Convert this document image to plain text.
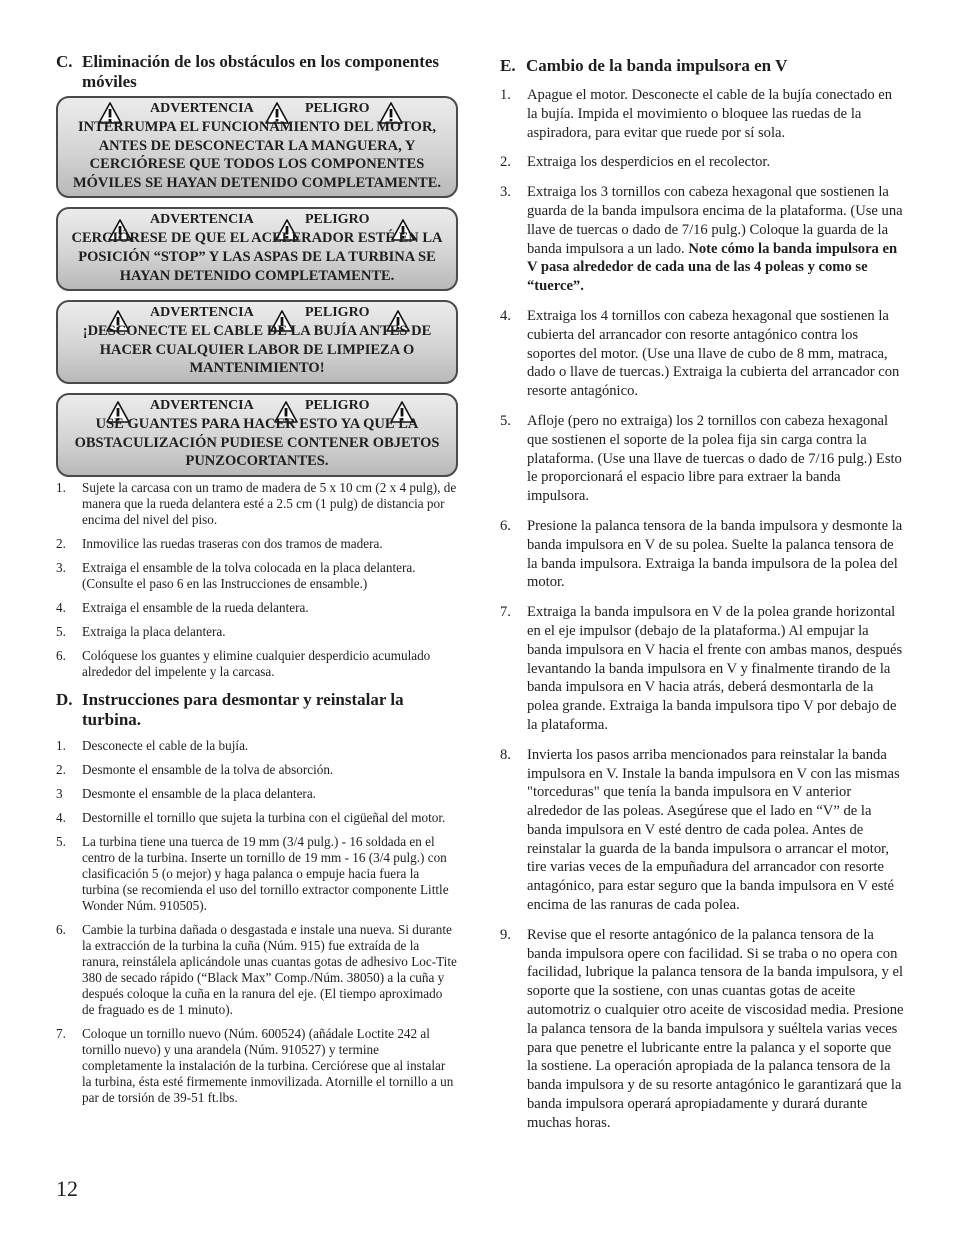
C. Eliminación de los obstáculos en los componentes móviles
ADVERTENCIA	PELIGRO
INTERRUMPA EL FUNCIONAMIENTO DEL MOTOR, ANTES DE DESCONECTAR LA MANGUERA, Y CERCIÓRESE QUE TODOS LOS COMPONENTES MÓVILES SE HAYAN DETENIDO COMPLETAMENTE.
ADVERTENCIA	PELIGRO
CERCIÓRESE DE QUE EL ACELERADOR ESTÉ EN LA POSICIÓN “STOP” Y LAS ASPAS DE LA TURBINA SE HAYAN DETENIDO COMPLETAMENTE.
ADVERTENCIA	PELIGRO
¡DESCONECTE EL CABLE DE LA BUJÍA ANTES DE HACER CUALQUIER LABOR DE LIMPIEZA O MANTENIMIENTO!
ADVERTENCIA	PELIGRO
USE GUANTES PARA HACER ESTO YA QUE LA OBSTACULIZACIÓN PUDIESE CONTENER OBJETOS PUNZOCORTANTES.
1.	Sujete la carcasa con un tramo de madera de 5 x 10 cm (2 x 4 pulg), de manera que la rueda delantera esté a 2.5 cm (1 pulg) de distancia por encima del nivel del piso.
2.	Inmovilice las ruedas traseras con dos tramos de madera.
3.	Extraiga el ensamble de la tolva colocada en la placa delantera. (Consulte el paso 6 en las Instrucciones de ensamble.)
4.	Extraiga el ensamble de la rueda delantera.
5.	Extraiga la placa delantera.
6.	Colóquese los guantes y elimine cualquier desperdicio acumulado alrededor del impelente y la carcasa.
D. Instrucciones para desmontar y reinstalar la turbina.
1.	Desconecte el cable de la bujía.
2.	Desmonte el ensamble de la tolva de absorción.
3	Desmonte el ensamble de la placa delantera.
4.	Destornille el tornillo que sujeta la turbina con el cigüeñal del motor.
5.	La turbina tiene una tuerca de 19 mm (3/4 pulg.) - 16 soldada en el centro de la turbina. Inserte un tornillo de 19 mm - 16 (3/4 pulg.) con clasificación 5 (o mejor) y haga palanca o empuje hacia fuera la turbina (se recomienda el uso del tornillo extractor componente Little Wonder Núm. 910505).
6.	Cambie la turbina dañada o desgastada e instale una nueva. Si durante la extracción de la turbina la cuña (Núm. 915) fue extraída de la ranura, reinstálela aplicándole unas cuantas gotas de adhesivo Loc-Tite 380 de secado rápido (“Black Max” Comp./Núm. 38050) a la cuña y después coloque la cuña en la ranura del eje. (El tiempo aproximado de fraguado es de 1 minuto).
7.	Coloque un tornillo nuevo (Núm. 600524) (añádale Loctite 242 al tornillo nuevo) y una arandela (Núm. 910527) y termine completamente la instalación de la turbina. Cerciórese que al instalar la turbina, ésta esté firmemente inmovilizada. Atornille el tornillo a un par de torsión de 39-51 ft.lbs.
E. Cambio de la banda impulsora en V
1.	Apague el motor. Desconecte el cable de la bujía conectado en la bujía. Impida el movimiento o bloquee las ruedas de la aspiradora, para evitar que ruede por sí sola.
2.	Extraiga los desperdicios en el recolector.
3.	Extraiga los 3 tornillos con cabeza hexagonal que sostienen la guarda de la banda impulsora encima de la plataforma. (Use una llave de tuercas o dado de 7/16 pulg.) Coloque la guarda de la banda impulsora a un lado. Note cómo la banda impulsora en V pasa alrededor de cada una de las 4 poleas y como se “tuerce”.
4.	Extraiga los 4 tornillos con cabeza hexagonal que sostienen la cubierta del arrancador con resorte antagónico contra los soportes del motor. (Use una llave de cubo de 8 mm, matraca, dado o llave de tuercas.) Extraiga la cubierta del arrancador con resorte antagónico.
5.	Afloje (pero no extraiga) los 2 tornillos con cabeza hexagonal que sostienen el soporte de la polea fija sin carga contra la plataforma. (Use una llave de tuercas o dado de 7/16 pulg.) Esto le proporcionará el espacio libre para extraer la banda impulsora.
6.	Presione la palanca tensora de la banda impulsora y desmonte la banda impulsora en V de su polea. Suelte la palanca tensora de la banda impulsora. Extraiga la banda impulsora de la polea del motor.
7.	Extraiga la banda impulsora en V de la polea grande horizontal en el eje impulsor (debajo de la plataforma.) Al empujar la banda impulsora en V hacia el frente con ambas manos, después levantando la banda impulsora en V y finalmente tirando de la banda impulsora en V hacia atrás, deberá desmontarla de la polea grande. Extraiga la banda impulsora tipo V por debajo de la plataforma.
8.	Invierta los pasos arriba mencionados para reinstalar la banda impulsora en V. Instale la banda impulsora en V con las mismas "torceduras" que tenía la banda impulsora en V anterior alrededor de las poleas. Asegúrese que el lado en “V” de la banda impulsora en V esté dentro de cada polea. Antes de reinstalar la guarda de la banda impulsora o arrancar el motor, tire varias veces de la empuñadura del arrancador con resorte antagónico, para estar seguro que la banda impulsora en V esté encima de las ranuras de cada polea.
9.	Revise que el resorte antagónico de la palanca tensora de la banda impulsora opere con facilidad. Si se traba o no opera con facilidad, lubrique la palanca tensora de la banda impulsora, y el soporte que la sostiene, con unas cuantas gotas de aceite automotriz o cualquier otro aceite de viscosidad media. Presione la palanca tensora de la banda impulsora y suéltela varias veces para que penetre el lubricante entre la palanca y el soporte que la sostiene. La operación apropiada de la palanca tensora de la banda impulsora y de su resorte antagónico le garantizará que la banda impulsora operará apropiadamente y durará durante muchas horas.
12
